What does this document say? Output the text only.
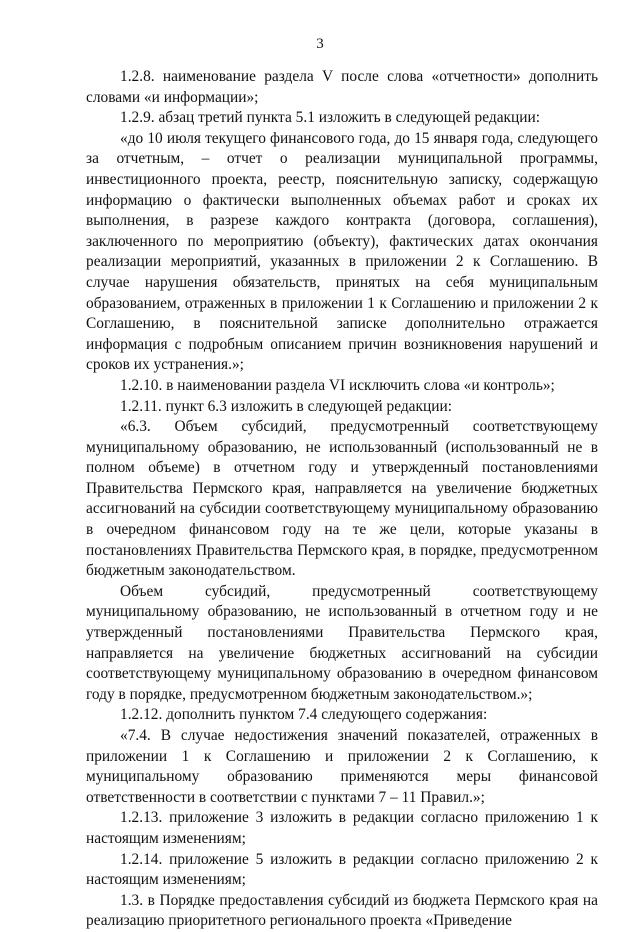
3

1.2.8. наименование раздела V после слова «отчетности» дополнить словами «и информации»;

1.2.9. абзац третий пункта 5.1 изложить в следующей редакции:

«до 10 июля текущего финансового года, до 15 января года, следующего за отчетным, – отчет о реализации муниципальной программы, инвестиционного проекта, реестр, пояснительную записку, содержащую информацию о фактически выполненных объемах работ и сроках их выполнения, в разрезе каждого контракта (договора, соглашения), заключенного по мероприятию (объекту), фактических датах окончания реализации мероприятий, указанных в приложении 2 к Соглашению. В случае нарушения обязательств, принятых на себя муниципальным образованием, отраженных в приложении 1 к Соглашению и приложении 2 к Соглашению, в пояснительной записке дополнительно отражается информация с подробным описанием причин возникновения нарушений и сроков их устранения.»;

1.2.10. в наименовании раздела VI исключить слова «и контроль»;

1.2.11. пункт 6.3 изложить в следующей редакции:

«6.3. Объем субсидий, предусмотренный соответствующему муниципальному образованию, не использованный (использованный не в полном объеме) в отчетном году и утвержденный постановлениями Правительства Пермского края, направляется на увеличение бюджетных ассигнований на субсидии соответствующему муниципальному образованию в очередном финансовом году на те же цели, которые указаны в постановлениях Правительства Пермского края, в порядке, предусмотренном бюджетным законодательством.

Объем субсидий, предусмотренный соответствующему муниципальному образованию, не использованный в отчетном году и не утвержденный постановлениями Правительства Пермского края, направляется на увеличение бюджетных ассигнований на субсидии соответствующему муниципальному образованию в очередном финансовом году в порядке, предусмотренном бюджетным законодательством.»;

1.2.12. дополнить пунктом 7.4 следующего содержания:

«7.4. В случае недостижения значений показателей, отраженных в приложении 1 к Соглашению и приложении 2 к Соглашению, к муниципальному образованию применяются меры финансовой ответственности в соответствии с пунктами 7 – 11 Правил.»;

1.2.13. приложение 3 изложить в редакции согласно приложению 1 к настоящим изменениям;

1.2.14. приложение 5 изложить в редакции согласно приложению 2 к настоящим изменениям;

1.3. в Порядке предоставления субсидий из бюджета Пермского края на реализацию приоритетного регионального проекта «Приведение
